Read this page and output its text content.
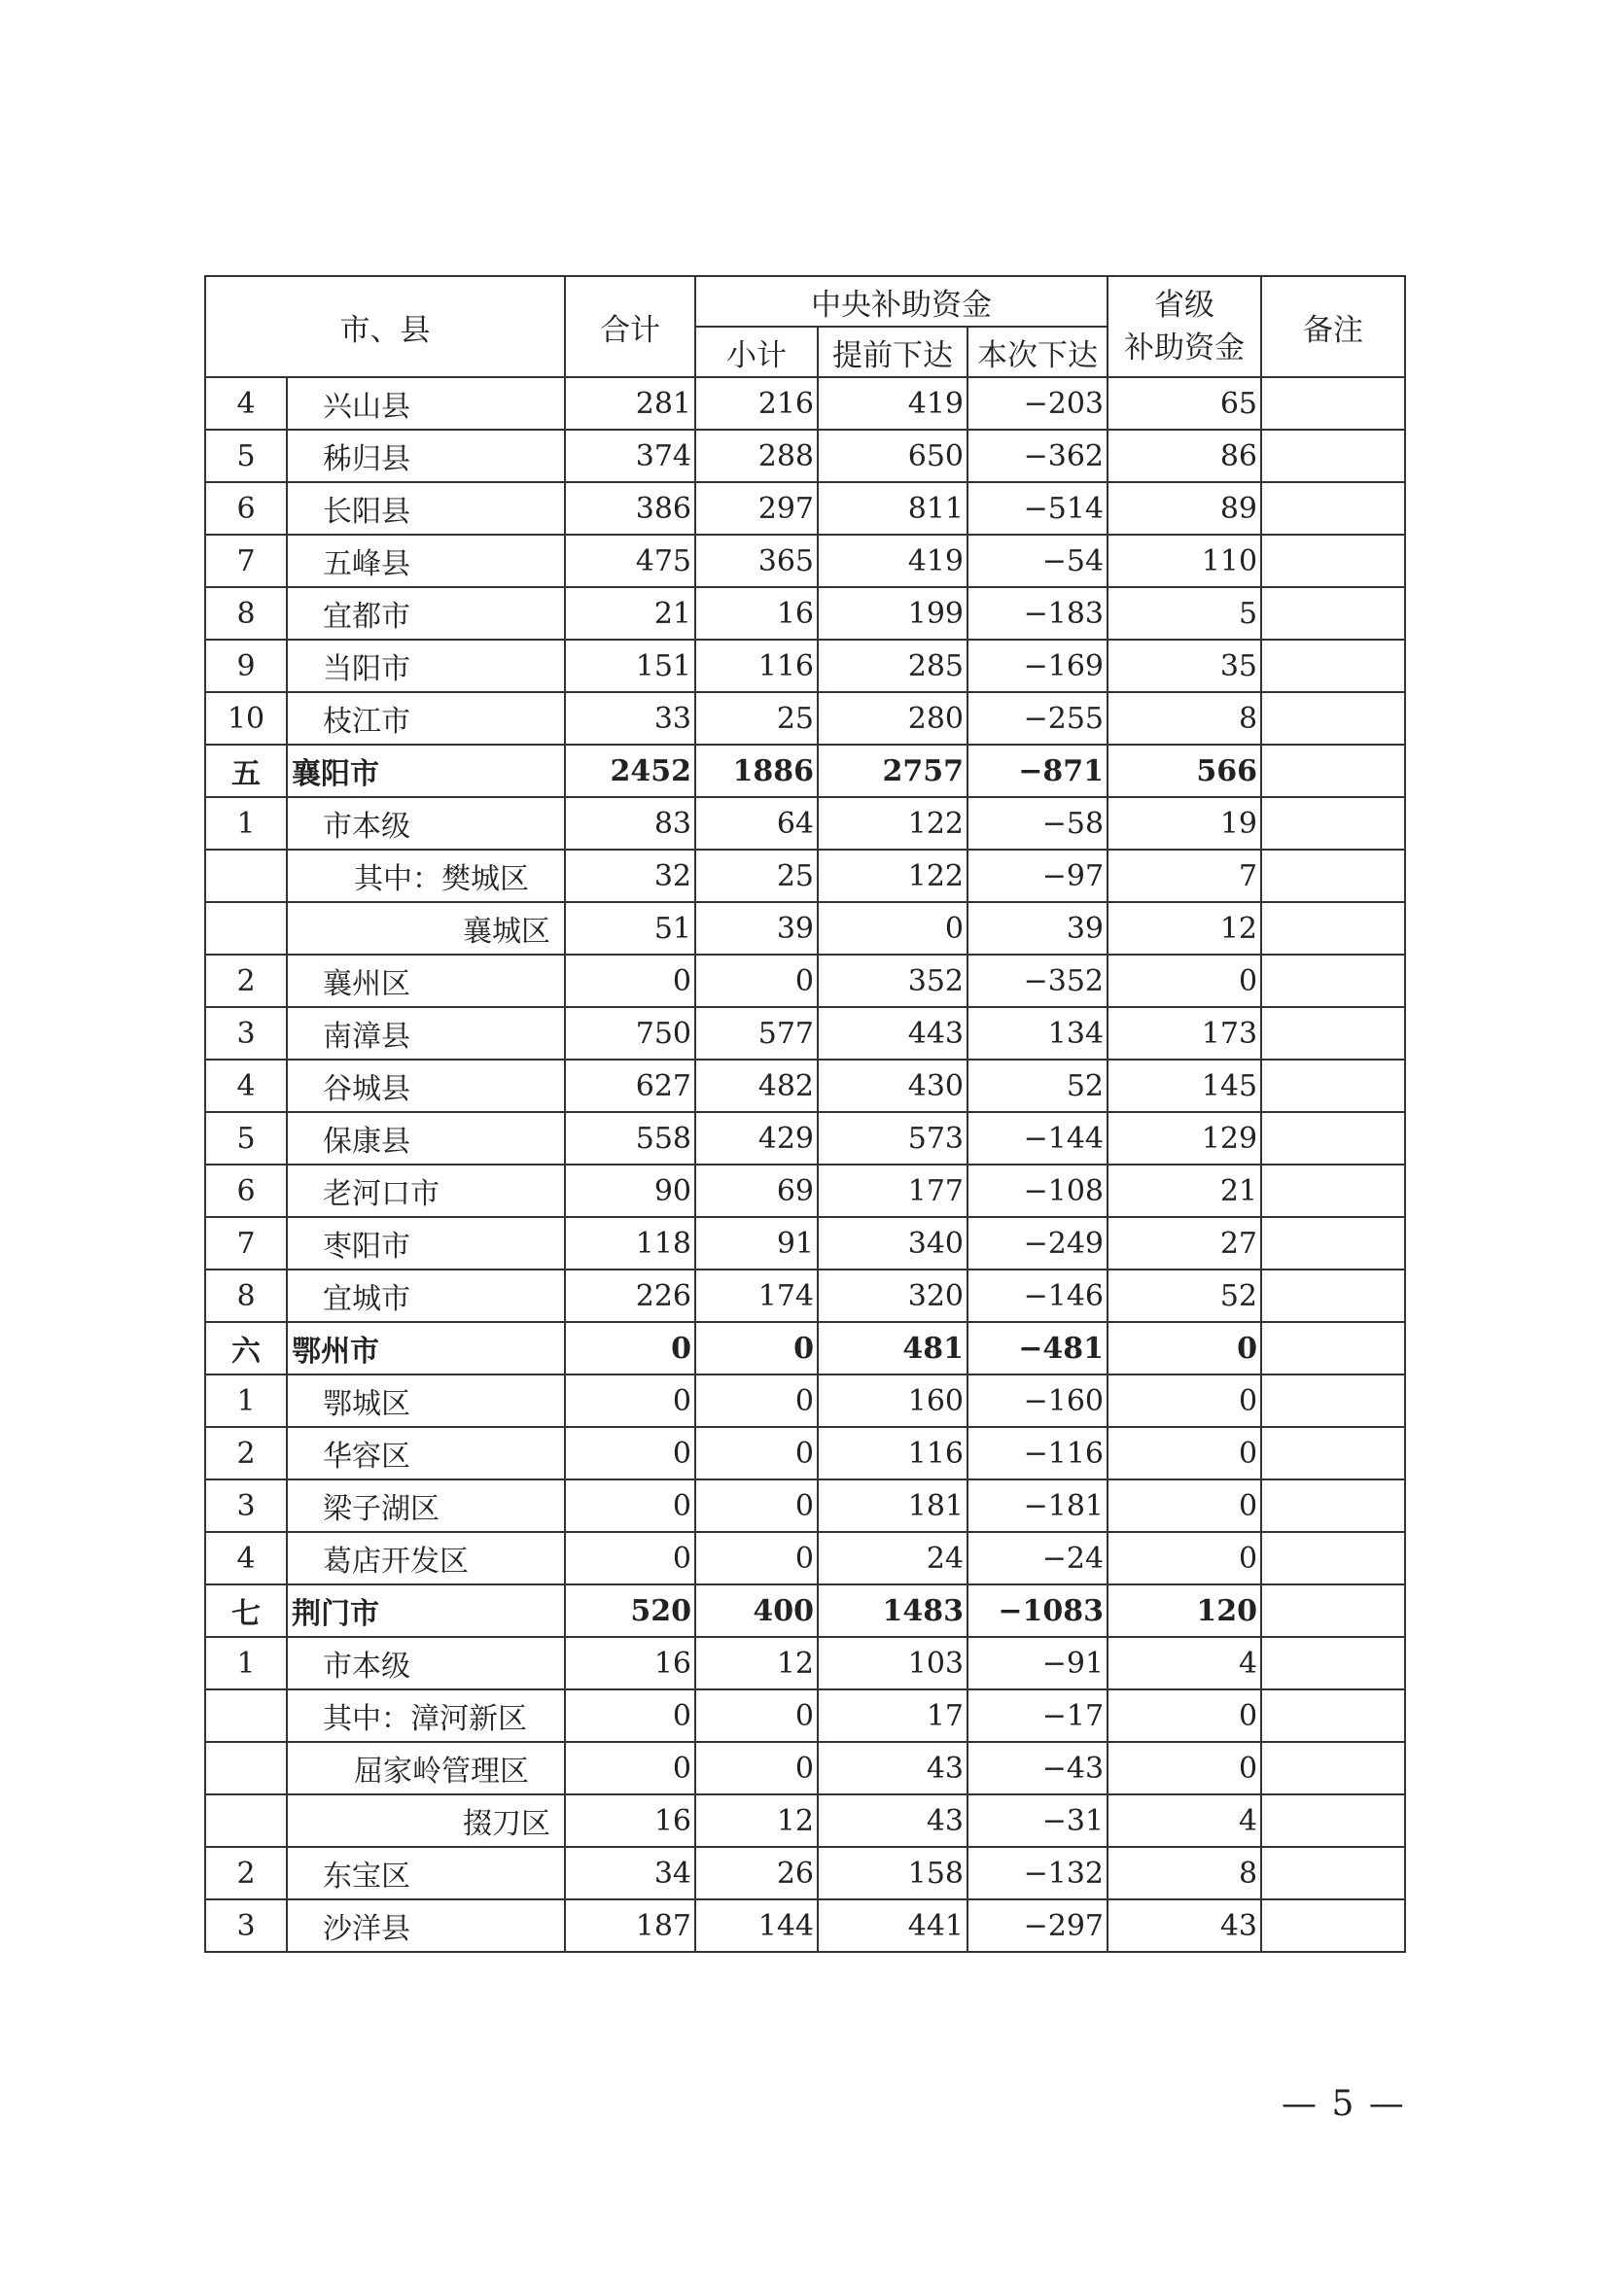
市、县		合计	中央补助资金			省级
补助资金	备注
			小计	提前下达	本次下达		
4	兴山县	281	216	419	−203	65	
5	秭归县	374	288	650	−362	86	
6	长阳县	386	297	811	−514	89	
7	五峰县	475	365	419	−54	110	
8	宜都市	21	16	199	−183	5	
9	当阳市	151	116	285	−169	35	
10	枝江市	33	25	280	−255	8	
五	襄阳市	2452	1886	2757	−871	566	
1	市本级	83	64	122	−58	19	
	其中：樊城区	32	25	122	−97	7	
	襄城区	51	39	0	39	12	
2	襄州区	0	0	352	−352	0	
3	南漳县	750	577	443	134	173	
4	谷城县	627	482	430	52	145	
5	保康县	558	429	573	−144	129	
6	老河口市	90	69	177	−108	21	
7	枣阳市	118	91	340	−249	27	
8	宜城市	226	174	320	−146	52	
六	鄂州市	0	0	481	−481	0	
1	鄂城区	0	0	160	−160	0	
2	华容区	0	0	116	−116	0	
3	梁子湖区	0	0	181	−181	0	
4	葛店开发区	0	0	24	−24	0	
七	荆门市	520	400	1483	−1083	120	
1	市本级	16	12	103	−91	4	
	其中：漳河新区	0	0	17	−17	0	
	屈家岭管理区	0	0	43	−43	0	
	掇刀区	16	12	43	−31	4	
2	东宝区	34	26	158	−132	8	
3	沙洋县	187	144	441	−297	43	
— 5 —
